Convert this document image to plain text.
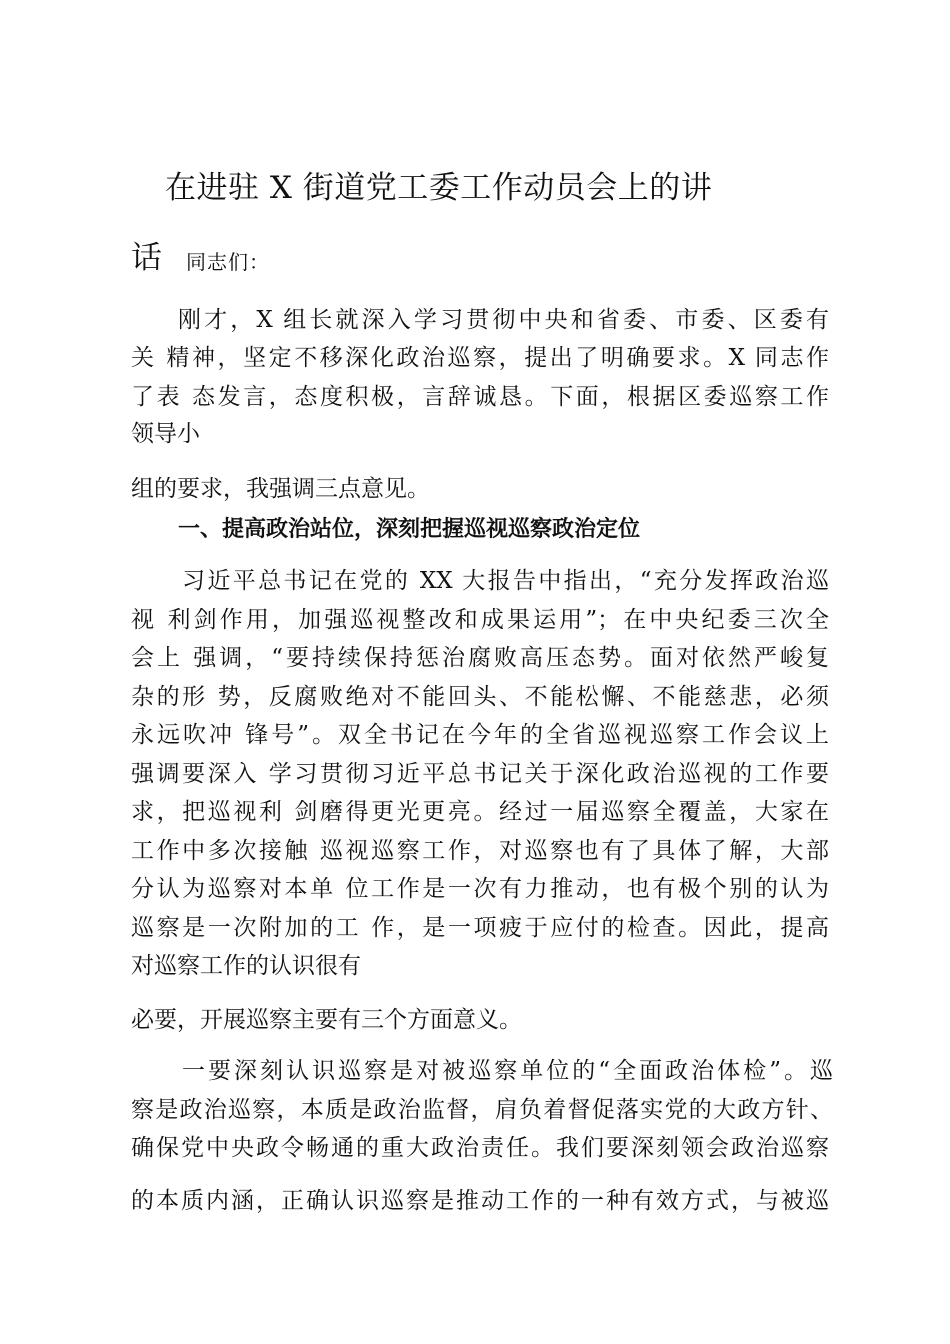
在进驻 X 街道党工委工作动员会上的讲
话 同志们：

刚才，X 组长就深入学习贯彻中央和省委、市委、区委有

关 精神，坚定不移深化政治巡察，提出了明确要求。X 同志作

了表 态发言，态度积极，言辞诚恳。下面，根据区委巡察工作

领导小

组的要求，我强调三点意见。

一、提高政治站位，深刻把握巡视巡察政治定位

习近平总书记在党的 XX 大报告中指出，“充分发挥政治巡

视 利剑作用，加强巡视整改和成果运用”；在中央纪委三次全

会上 强调，“要持续保持惩治腐败高压态势。面对依然严峻复

杂的形 势，反腐败绝对不能回头、不能松懈、不能慈悲，必须

永远吹冲 锋号”。双全书记在今年的全省巡视巡察工作会议上

强调要深入 学习贯彻习近平总书记关于深化政治巡视的工作要

求，把巡视利 剑磨得更光更亮。经过一届巡察全覆盖，大家在

工作中多次接触 巡视巡察工作，对巡察也有了具体了解，大部

分认为巡察对本单 位工作是一次有力推动，也有极个别的认为

巡察是一次附加的工 作，是一项疲于应付的检查。因此，提高

对巡察工作的认识很有

必要，开展巡察主要有三个方面意义。

一要深刻认识巡察是对被巡察单位的“全面政治体检”。巡

察是政治巡察，本质是政治监督，肩负着督促落实党的大政方针、

确保党中央政令畅通的重大政治责任。我们要深刻领会政治巡察

的本质内涵，正确认识巡察是推动工作的一种有效方式，与被巡
